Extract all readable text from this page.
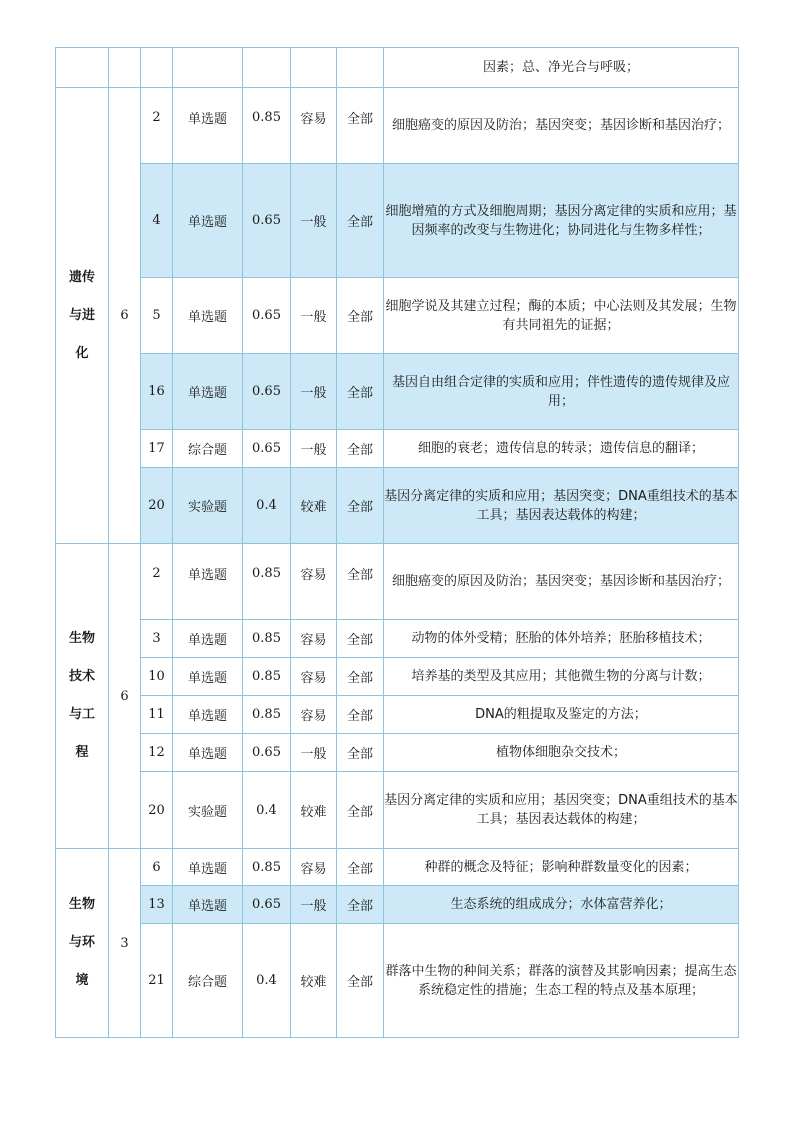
							因素；总、净光合与呼吸；
遗传与进化	6	2	单选题	0.85	容易	全部	细胞癌变的原因及防治；基因突变；基因诊断和基因治疗；
		4	单选题	0.65	一般	全部	细胞增殖的方式及细胞周期；基因分离定律的实质和应用；基因频率的改变与生物进化；协同进化与生物多样性；
		5	单选题	0.65	一般	全部	细胞学说及其建立过程；酶的本质；中心法则及其发展；生物有共同祖先的证据；
		16	单选题	0.65	一般	全部	基因自由组合定律的实质和应用；伴性遗传的遗传规律及应用；
		17	综合题	0.65	一般	全部	细胞的衰老；遗传信息的转录；遗传信息的翻译；
		20	实验题	0.4	较难	全部	基因分离定律的实质和应用；基因突变；DNA重组技术的基本工具；基因表达载体的构建；
生物技术与工程	6	2	单选题	0.85	容易	全部	细胞癌变的原因及防治；基因突变；基因诊断和基因治疗；
		3	单选题	0.85	容易	全部	动物的体外受精；胚胎的体外培养；胚胎移植技术；
		10	单选题	0.85	容易	全部	培养基的类型及其应用；其他微生物的分离与计数；
		11	单选题	0.85	容易	全部	DNA的粗提取及鉴定的方法；
		12	单选题	0.65	一般	全部	植物体细胞杂交技术；
		20	实验题	0.4	较难	全部	基因分离定律的实质和应用；基因突变；DNA重组技术的基本工具；基因表达载体的构建；
生物与环境	3	6	单选题	0.85	容易	全部	种群的概念及特征；影响种群数量变化的因素；
		13	单选题	0.65	一般	全部	生态系统的组成成分；水体富营养化；
		21	综合题	0.4	较难	全部	群落中生物的种间关系；群落的演替及其影响因素；提高生态系统稳定性的措施；生态工程的特点及基本原理；
